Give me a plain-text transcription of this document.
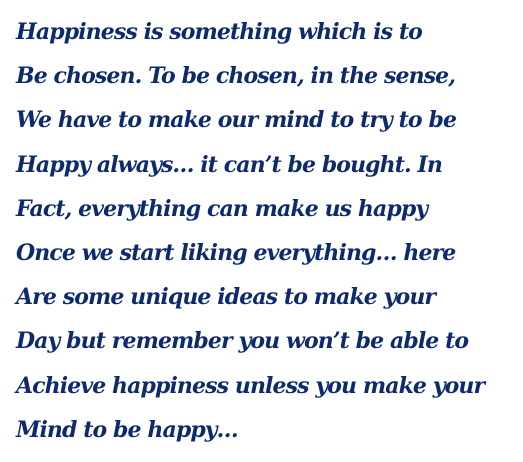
Happiness is something which is to
Be chosen. To be chosen, in the sense,
We have to make our mind to try to be
Happy always… it can’t be bought. In
Fact, everything can make us happy
Once we start liking everything… here
Are some unique ideas to make your
Day but remember you won’t be able to
Achieve happiness unless you make your
Mind to be happy…
